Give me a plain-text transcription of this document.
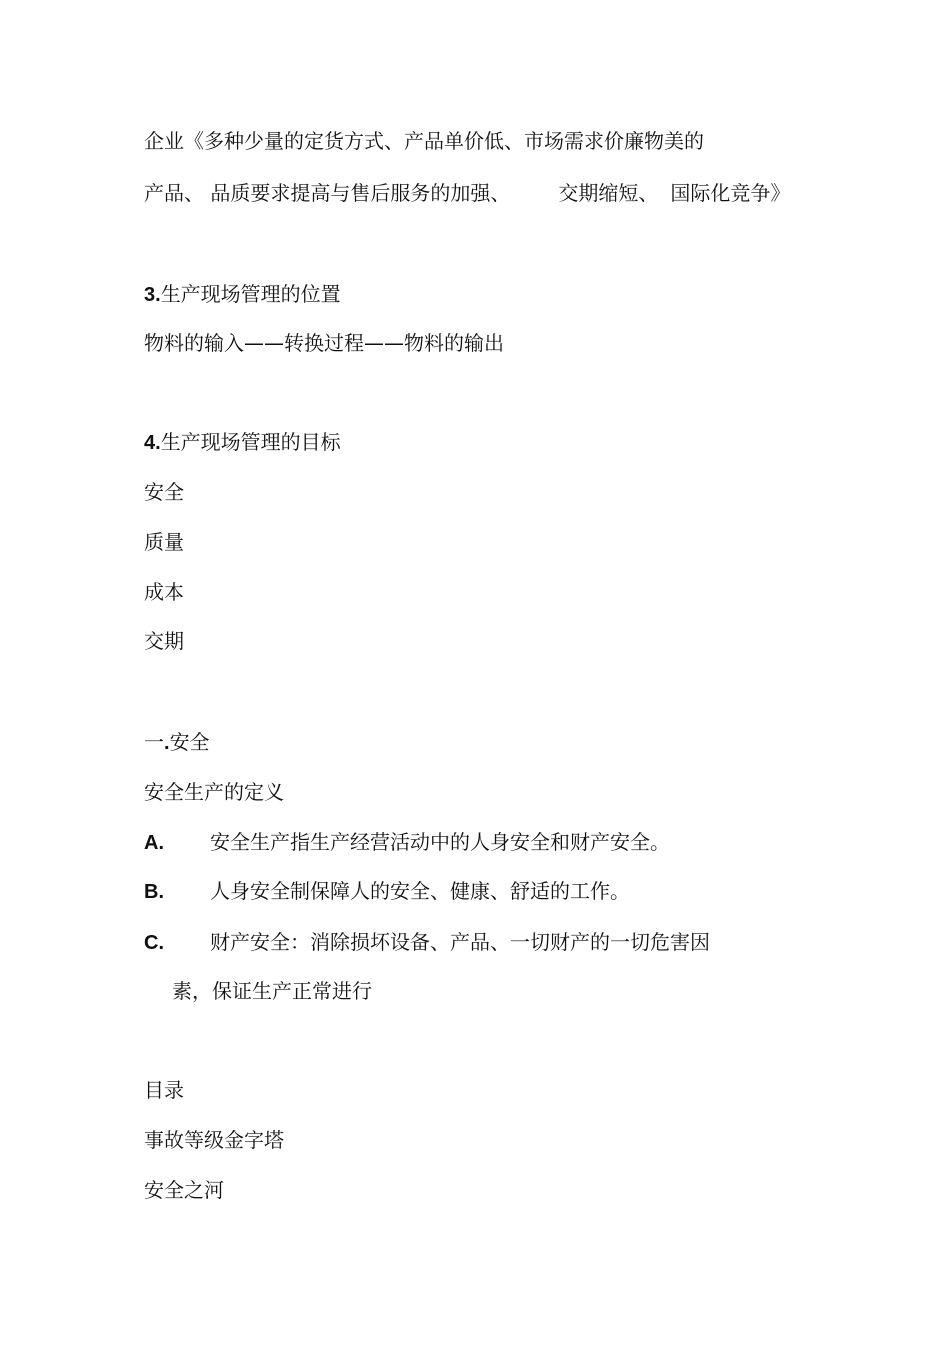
企业《多种少量的定货方式、产品单价低、市场需求价廉物美的
产品、 品质要求提高与售后服务的加强、 交期缩短、 国际化竞争》
3.生产现场管理的位置
物料的输入——转换过程——物料的输出
4.生产现场管理的目标
安全
质量
成本
交期
一.安全
安全生产的定义
A. 安全生产指生产经营活动中的人身安全和财产安全。
B. 人身安全制保障人的安全、健康、舒适的工作。
C. 财产安全：消除损坏设备、产品、一切财产的一切危害因
素，保证生产正常进行
目录
事故等级金字塔
安全之河
